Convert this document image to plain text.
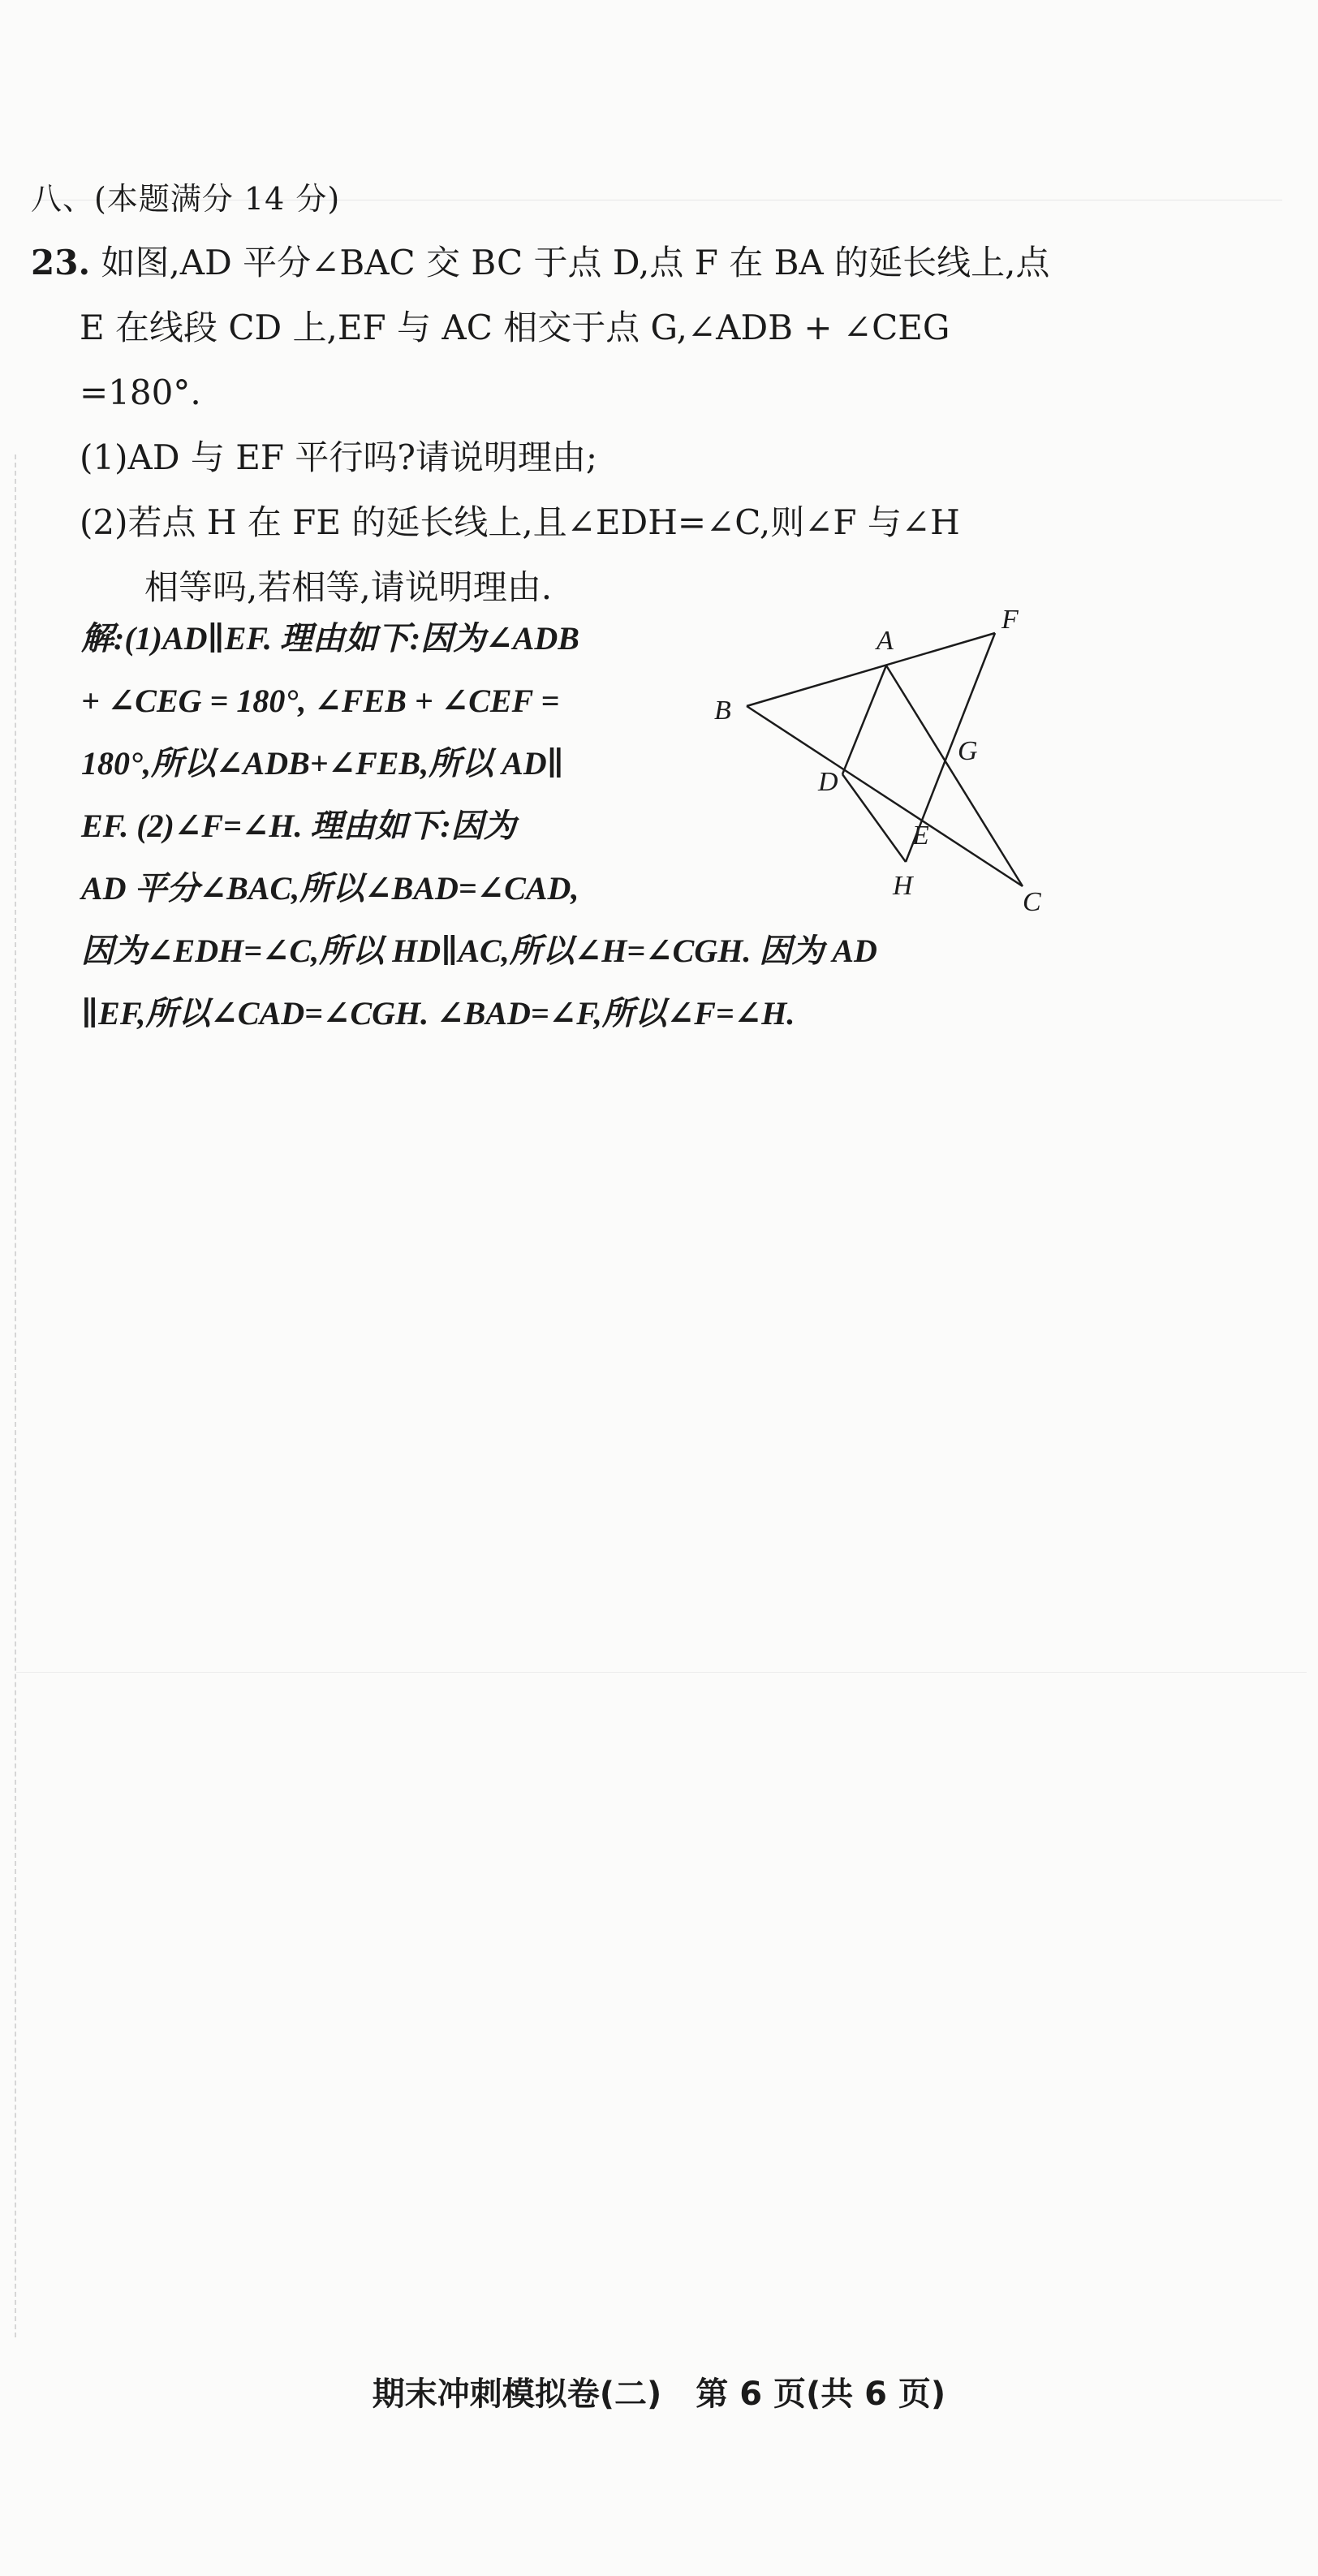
八、(本题满分 14 分)
23. 如图,AD 平分∠BAC 交 BC 于点 D,点 F 在 BA 的延长线上,点
E 在线段 CD 上,EF 与 AC 相交于点 G,∠ADB + ∠CEG
=180°.
(1)AD 与 EF 平行吗?请说明理由;
(2)若点 H 在 FE 的延长线上,且∠EDH=∠C,则∠F 与∠H
相等吗,若相等,请说明理由.
解:(1)AD∥EF. 理由如下:因为∠ADB
+ ∠CEG = 180°, ∠FEB + ∠CEF =
180°,所以∠ADB+∠FEB,所以 AD∥
EF. (2)∠F=∠H. 理由如下:因为
AD 平分∠BAC,所以∠BAD=∠CAD,
因为∠EDH=∠C,所以 HD∥AC,所以∠H=∠CGH. 因为 AD
∥EF,所以∠CAD=∠CGH. ∠BAD=∠F,所以∠F=∠H.
A
F
B
G
D
E
H
C
期末冲刺模拟卷(二) 第 6 页(共 6 页)
